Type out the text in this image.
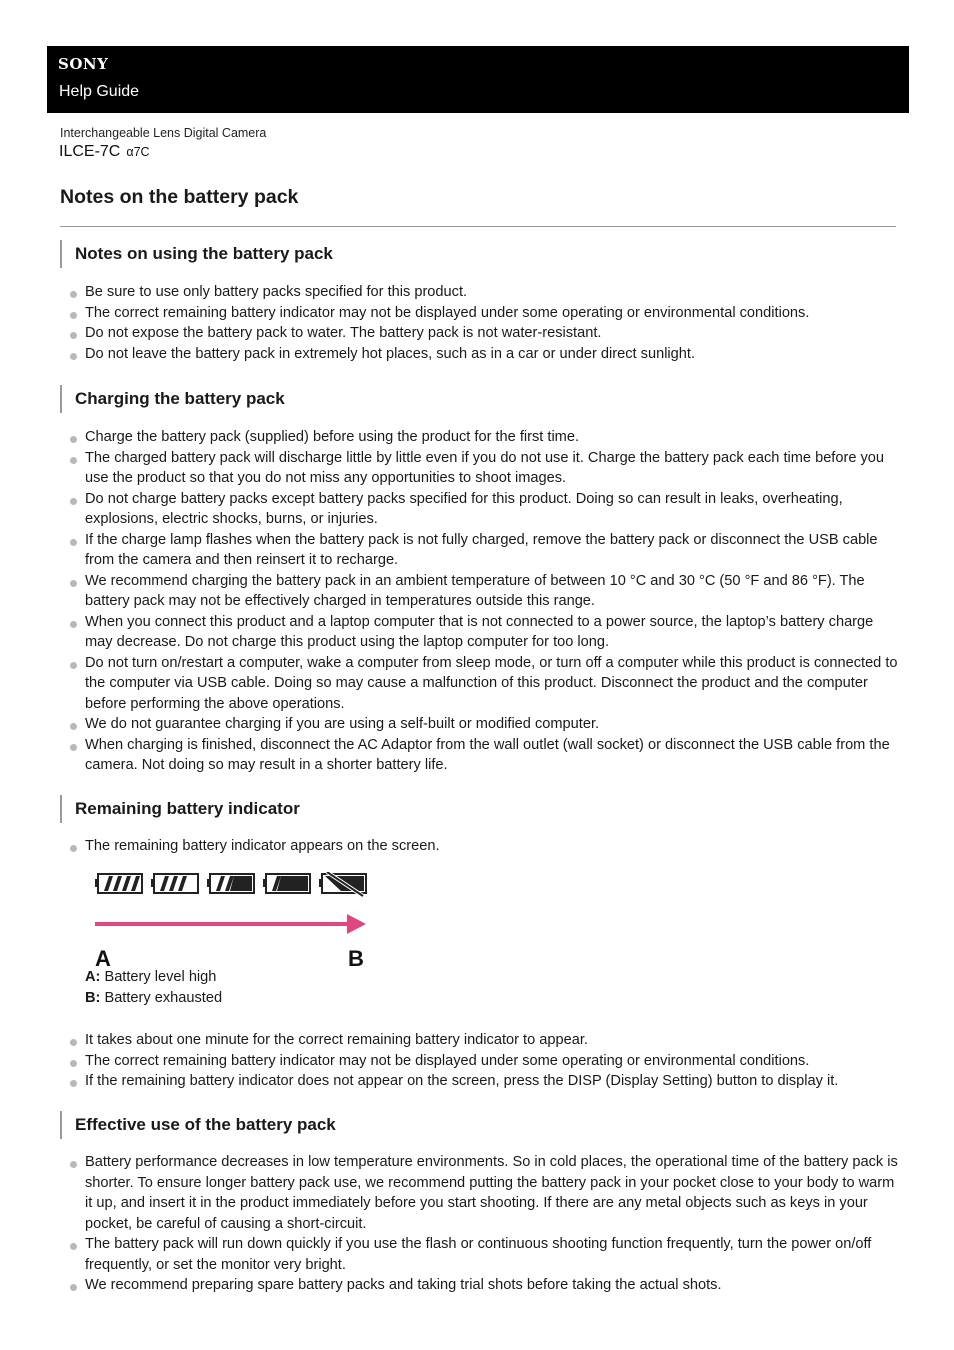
SONY
Help Guide
Interchangeable Lens Digital Camera
ILCE-7C α7C
Notes on the battery pack
Notes on using the battery pack
Be sure to use only battery packs specified for this product.
The correct remaining battery indicator may not be displayed under some operating or environmental conditions.
Do not expose the battery pack to water. The battery pack is not water-resistant.
Do not leave the battery pack in extremely hot places, such as in a car or under direct sunlight.
Charging the battery pack
Charge the battery pack (supplied) before using the product for the first time.
The charged battery pack will discharge little by little even if you do not use it. Charge the battery pack each time before you use the product so that you do not miss any opportunities to shoot images.
Do not charge battery packs except battery packs specified for this product. Doing so can result in leaks, overheating, explosions, electric shocks, burns, or injuries.
If the charge lamp flashes when the battery pack is not fully charged, remove the battery pack or disconnect the USB cable from the camera and then reinsert it to recharge.
We recommend charging the battery pack in an ambient temperature of between 10 °C and 30 °C (50 °F and 86 °F). The battery pack may not be effectively charged in temperatures outside this range.
When you connect this product and a laptop computer that is not connected to a power source, the laptop’s battery charge may decrease. Do not charge this product using the laptop computer for too long.
Do not turn on/restart a computer, wake a computer from sleep mode, or turn off a computer while this product is connected to the computer via USB cable. Doing so may cause a malfunction of this product. Disconnect the product and the computer before performing the above operations.
We do not guarantee charging if you are using a self-built or modified computer.
When charging is finished, disconnect the AC Adaptor from the wall outlet (wall socket) or disconnect the USB cable from the camera. Not doing so may result in a shorter battery life.
Remaining battery indicator
The remaining battery indicator appears on the screen.
A	B
A: Battery level high
B: Battery exhausted
It takes about one minute for the correct remaining battery indicator to appear.
The correct remaining battery indicator may not be displayed under some operating or environmental conditions.
If the remaining battery indicator does not appear on the screen, press the DISP (Display Setting) button to display it.
Effective use of the battery pack
Battery performance decreases in low temperature environments. So in cold places, the operational time of the battery pack is shorter. To ensure longer battery pack use, we recommend putting the battery pack in your pocket close to your body to warm it up, and insert it in the product immediately before you start shooting. If there are any metal objects such as keys in your pocket, be careful of causing a short-circuit.
The battery pack will run down quickly if you use the flash or continuous shooting function frequently, turn the power on/off frequently, or set the monitor very bright.
We recommend preparing spare battery packs and taking trial shots before taking the actual shots.
